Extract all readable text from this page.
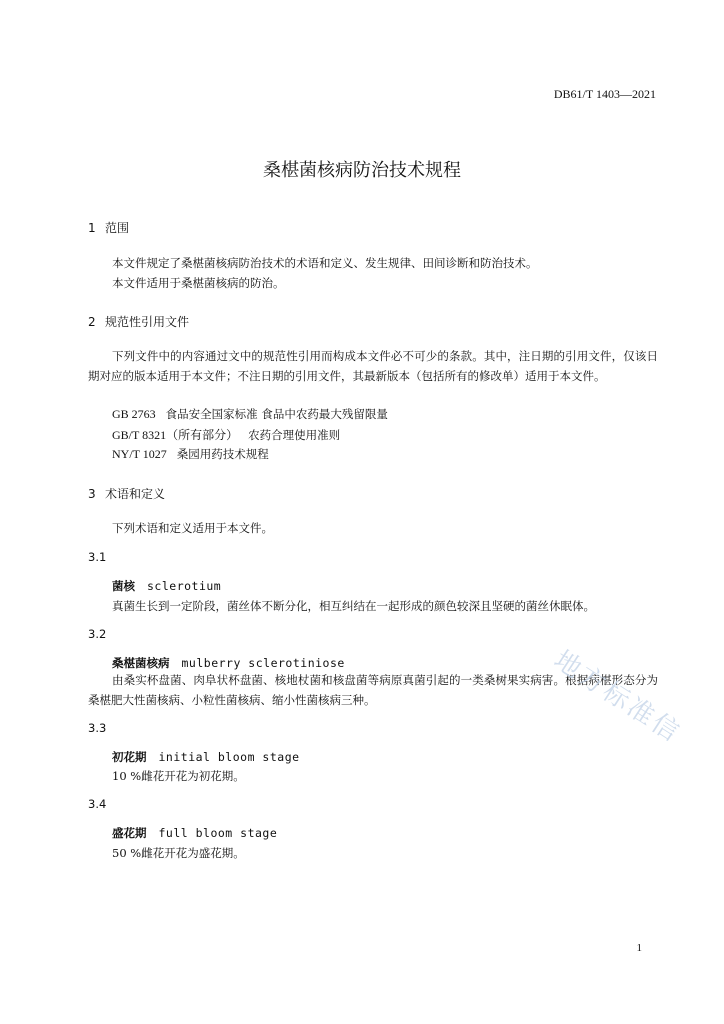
DB61/T 1403—2021
桑椹菌核病防治技术规程
1 范围
本文件规定了桑椹菌核病防治技术的术语和定义、发生规律、田间诊断和防治技术。
本文件适用于桑椹菌核病的防治。
2 规范性引用文件
下列文件中的内容通过文中的规范性引用而构成本文件必不可少的条款。其中，注日期的引用文件，仅该日期对应的版本适用于本文件；不注日期的引用文件，其最新版本（包括所有的修改单）适用于本文件。
GB 2763 食品安全国家标准 食品中农药最大残留限量
GB/T 8321（所有部分） 农药合理使用准则
NY/T 1027 桑园用药技术规程
3 术语和定义
下列术语和定义适用于本文件。
3.1
菌核 sclerotium
真菌生长到一定阶段，菌丝体不断分化，相互纠结在一起形成的颜色较深且坚硬的菌丝休眠体。
3.2
桑椹菌核病 mulberry sclerotiniose
由桑实杯盘菌、肉阜状杯盘菌、核地杖菌和核盘菌等病原真菌引起的一类桑树果实病害。根据病椹形态分为桑椹肥大性菌核病、小粒性菌核病、缩小性菌核病三种。
3.3
初花期 initial bloom stage
10 %雌花开花为初花期。
3.4
盛花期 full bloom stage
50 %雌花开花为盛花期。
地方标准信
1
